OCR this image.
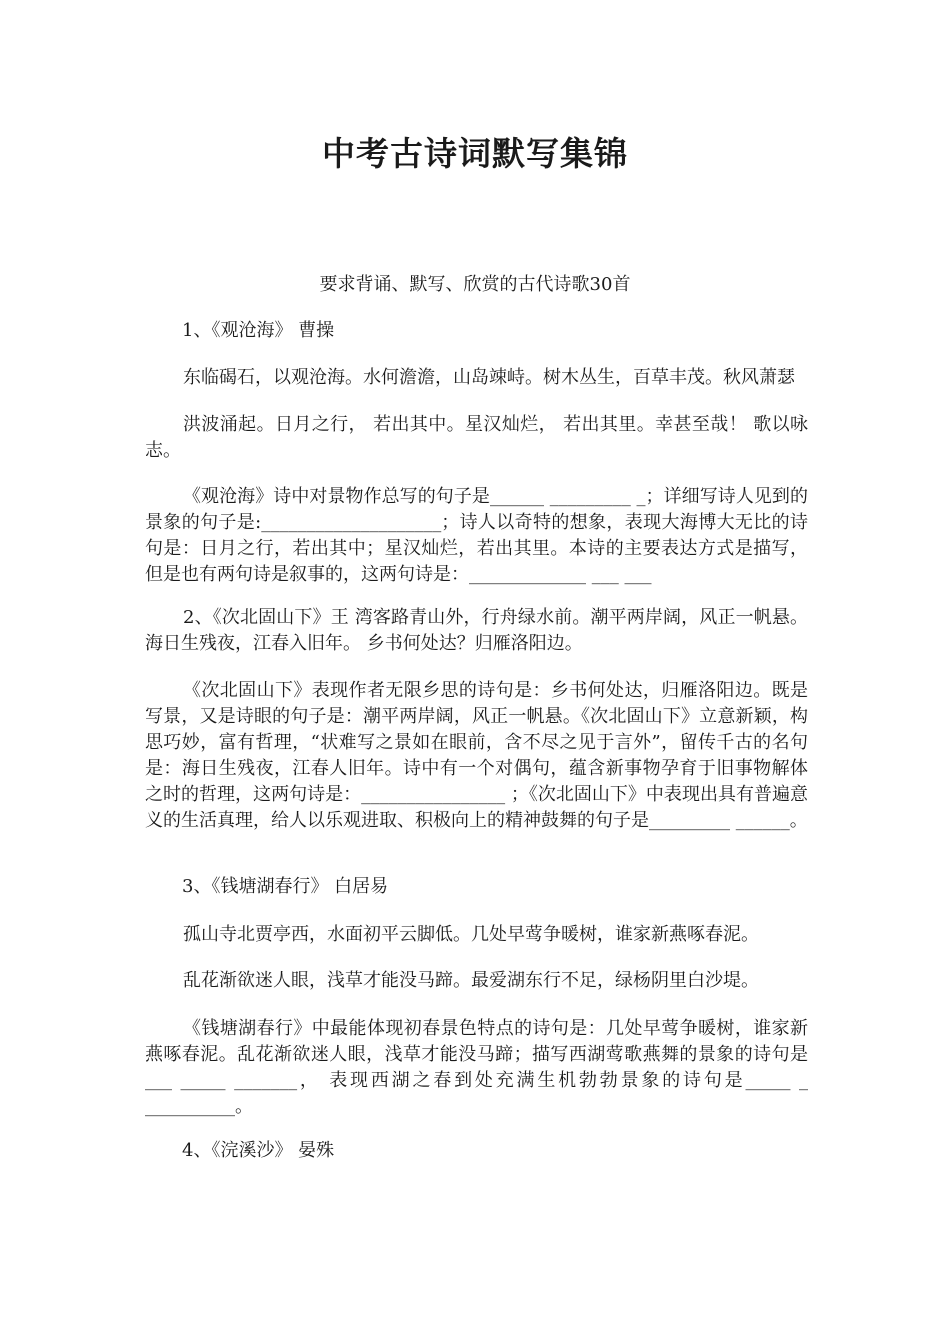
中考古诗词默写集锦
要求背诵、默写、欣赏的古代诗歌30首
1、《观沧海》 曹操
东临碣石，以观沧海。水何澹澹，山岛竦峙。树木丛生，百草丰茂。秋风萧瑟
洪波涌起。日月之行， 若出其中。星汉灿烂， 若出其里。幸甚至哉！ 歌以咏志。
《观沧海》诗中对景物作总写的句子是______ _________ _；详细写诗人见到的景象的句子是:____________________；诗人以奇特的想象，表现大海博大无比的诗句是：日月之行，若出其中；星汉灿烂，若出其里。本诗的主要表达方式是描写，但是也有两句诗是叙事的，这两句诗是：_____________ ___ ___
2、《次北固山下》王 湾客路青山外，行舟绿水前。潮平两岸阔，风正一帆悬。海日生残夜，江春入旧年。 乡书何处达？归雁洛阳边。
《次北固山下》表现作者无限乡思的诗句是：乡书何处达，归雁洛阳边。既是写景，又是诗眼的句子是：潮平两岸阔，风正一帆悬。《次北固山下》立意新颖，构思巧妙，富有哲理，“状难写之景如在眼前，含不尽之见于言外”，留传千古的名句是：海日生残夜，江春人旧年。诗中有一个对偶句，蕴含新事物孕育于旧事物解体之时的哲理，这两句诗是：________________ ；《次北固山下》中表现出具有普遍意义的生活真理，给人以乐观进取、积极向上的精神鼓舞的句子是_________ ______。
3、《钱塘湖春行》 白居易
孤山寺北贾亭西，水面初平云脚低。几处早莺争暖树，谁家新燕啄春泥。
乱花渐欲迷人眼，浅草才能没马蹄。最爱湖东行不足，绿杨阴里白沙堤。
《钱塘湖春行》中最能体现初春景色特点的诗句是：几处早莺争暖树，谁家新燕啄春泥。乱花渐欲迷人眼，浅草才能没马蹄；描写西湖莺歌燕舞的景象的诗句是___ _____ _______， 表现西湖之春到处充满生机勃勃景象的诗句是_____ _ __________。
4、《浣溪沙》 晏殊
